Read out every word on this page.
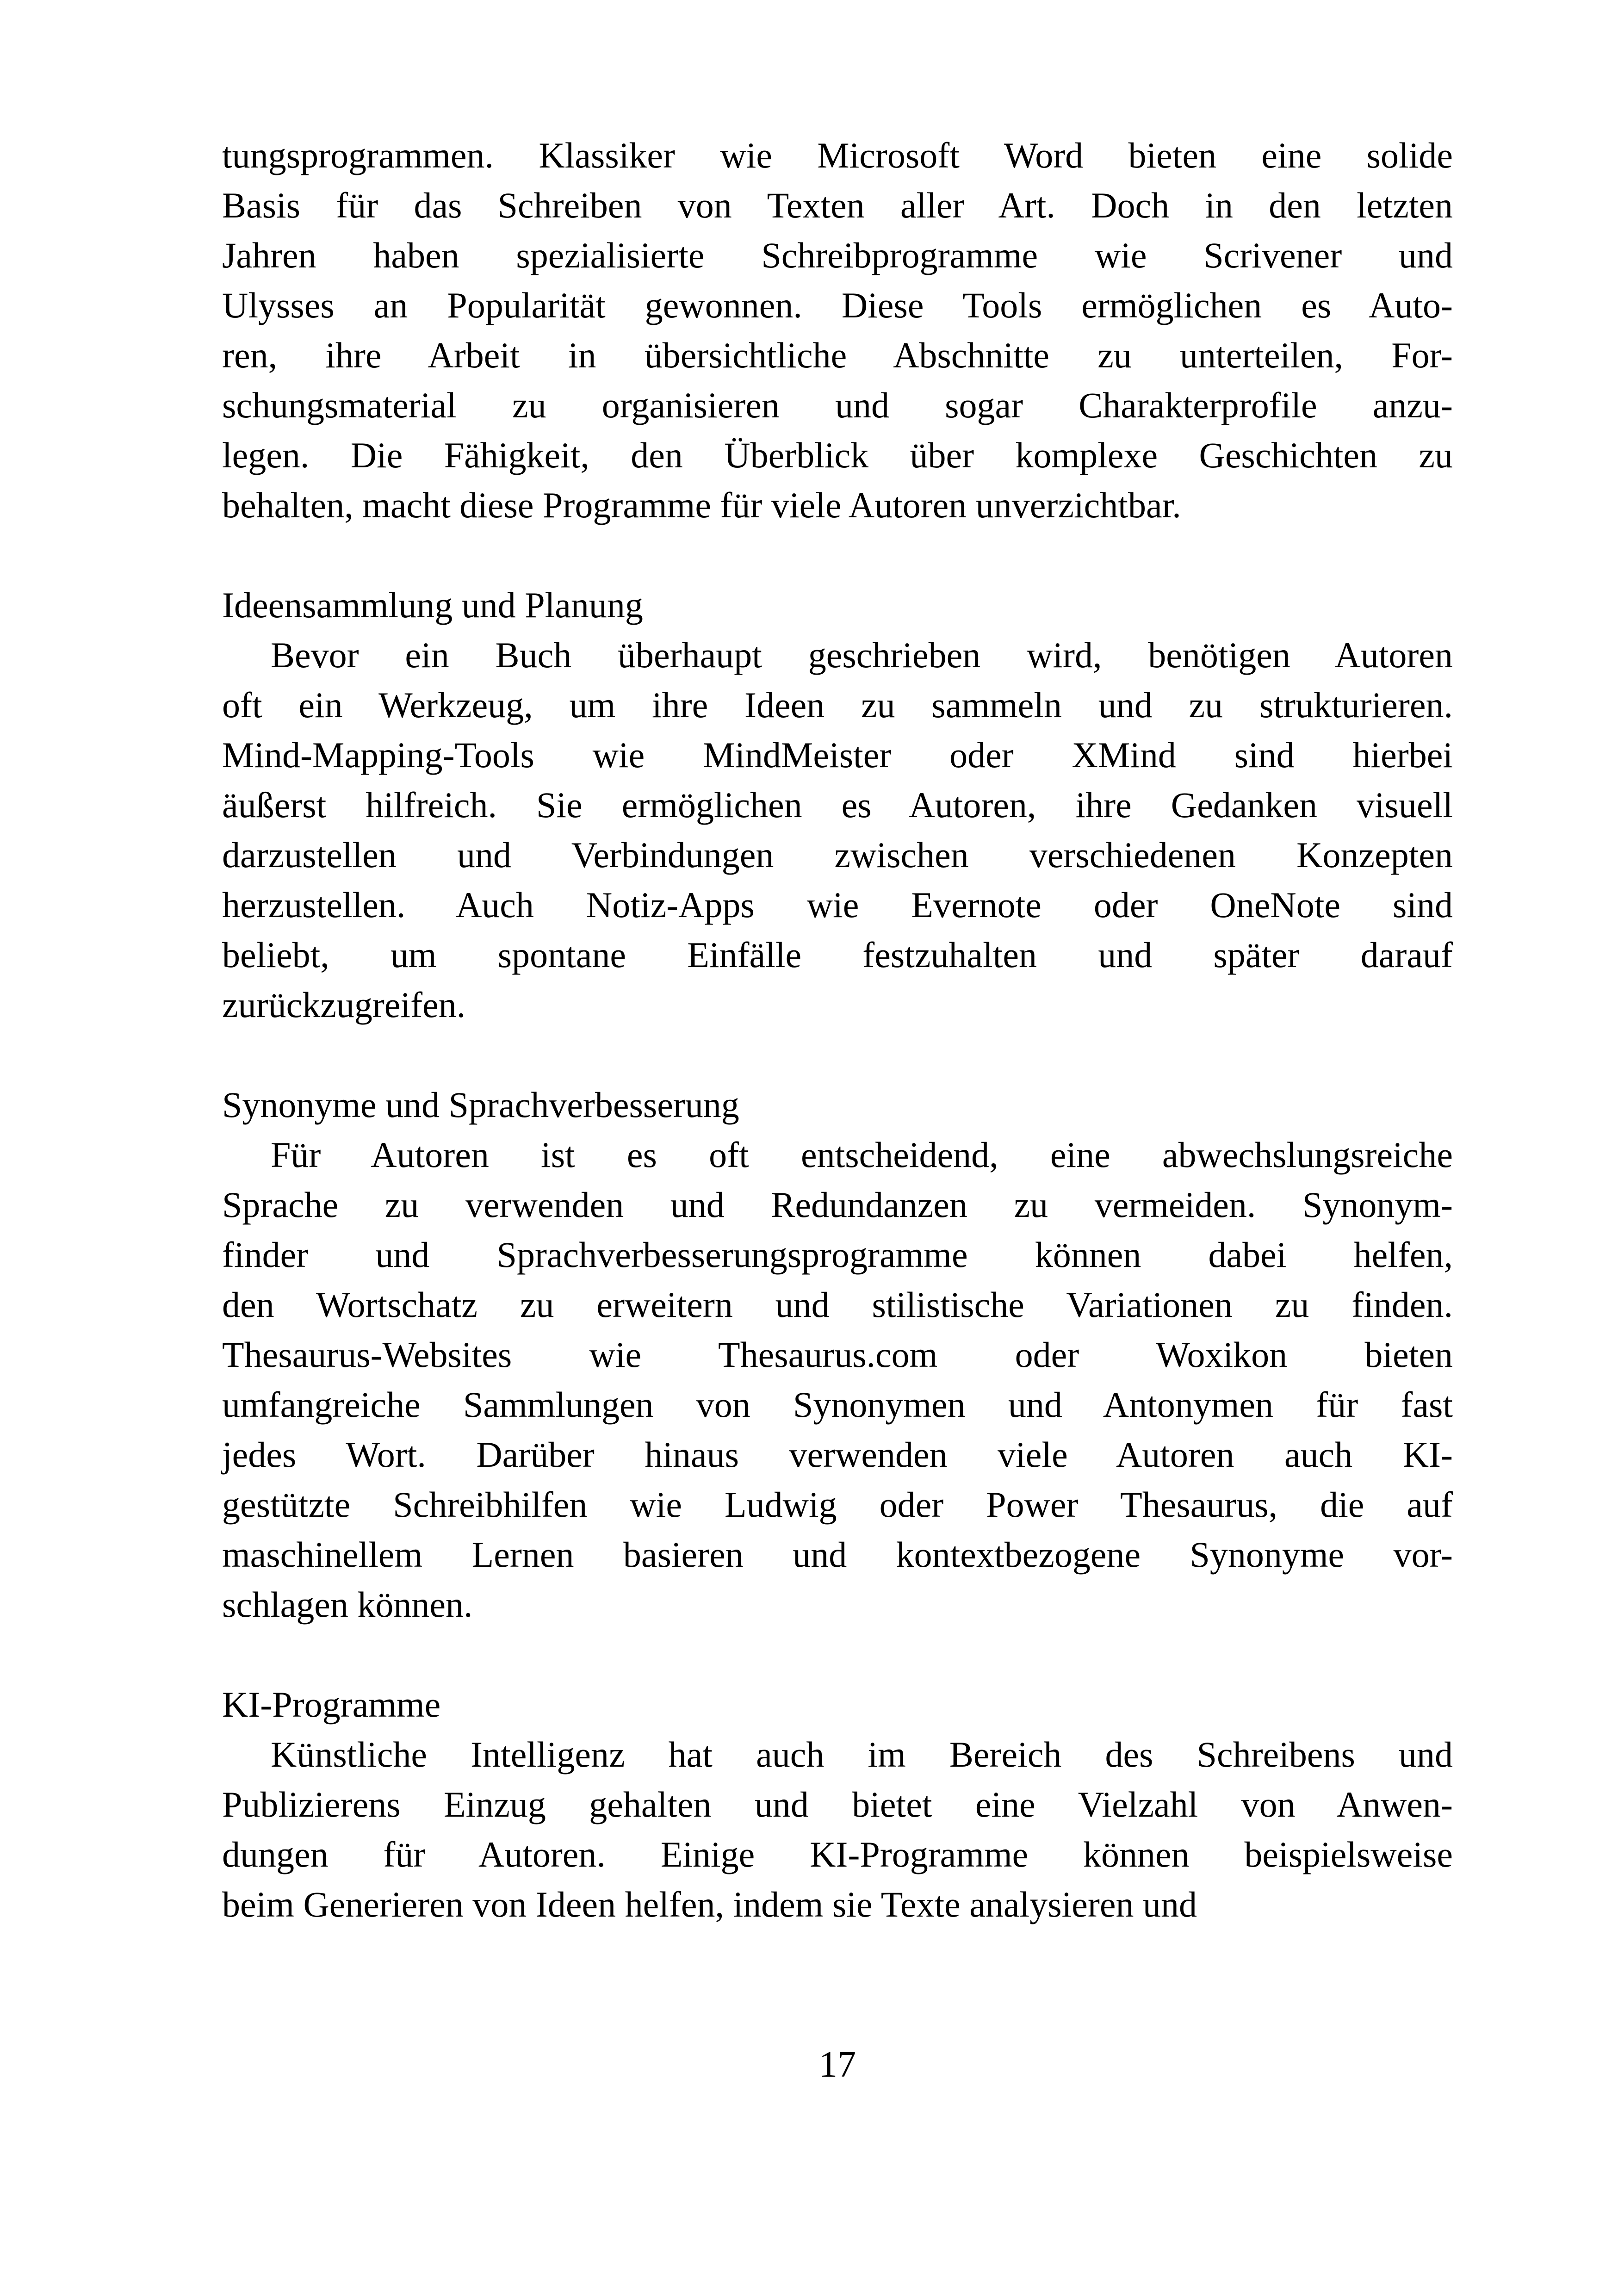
tungsprogrammen. Klassiker wie Microsoft Word bieten eine solide
Basis für das Schreiben von Texten aller Art. Doch in den letzten
Jahren haben spezialisierte Schreibprogramme wie Scrivener und
Ulysses an Popularität gewonnen. Diese Tools ermöglichen es Auto-
ren, ihre Arbeit in übersichtliche Abschnitte zu unterteilen, For-
schungsmaterial zu organisieren und sogar Charakterprofile anzu-
legen. Die Fähigkeit, den Überblick über komplexe Geschichten zu
behalten, macht diese Programme für viele Autoren unverzichtbar.
Ideensammlung und Planung
Bevor ein Buch überhaupt geschrieben wird, benötigen Autoren
oft ein Werkzeug, um ihre Ideen zu sammeln und zu strukturieren.
Mind-Mapping-Tools wie MindMeister oder XMind sind hierbei
äußerst hilfreich. Sie ermöglichen es Autoren, ihre Gedanken visuell
darzustellen und Verbindungen zwischen verschiedenen Konzepten
herzustellen. Auch Notiz-Apps wie Evernote oder OneNote sind
beliebt, um spontane Einfälle festzuhalten und später darauf
zurückzugreifen.
Synonyme und Sprachverbesserung
Für Autoren ist es oft entscheidend, eine abwechslungsreiche
Sprache zu verwenden und Redundanzen zu vermeiden. Synonym-
finder und Sprachverbesserungsprogramme können dabei helfen,
den Wortschatz zu erweitern und stilistische Variationen zu finden.
Thesaurus-Websites wie Thesaurus.com oder Woxikon bieten
umfangreiche Sammlungen von Synonymen und Antonymen für fast
jedes Wort. Darüber hinaus verwenden viele Autoren auch KI-
gestützte Schreibhilfen wie Ludwig oder Power Thesaurus, die auf
maschinellem Lernen basieren und kontextbezogene Synonyme vor-
schlagen können.
KI-Programme
Künstliche Intelligenz hat auch im Bereich des Schreibens und
Publizierens Einzug gehalten und bietet eine Vielzahl von Anwen-
dungen für Autoren. Einige KI-Programme können beispielsweise
beim Generieren von Ideen helfen, indem sie Texte analysieren und
17
